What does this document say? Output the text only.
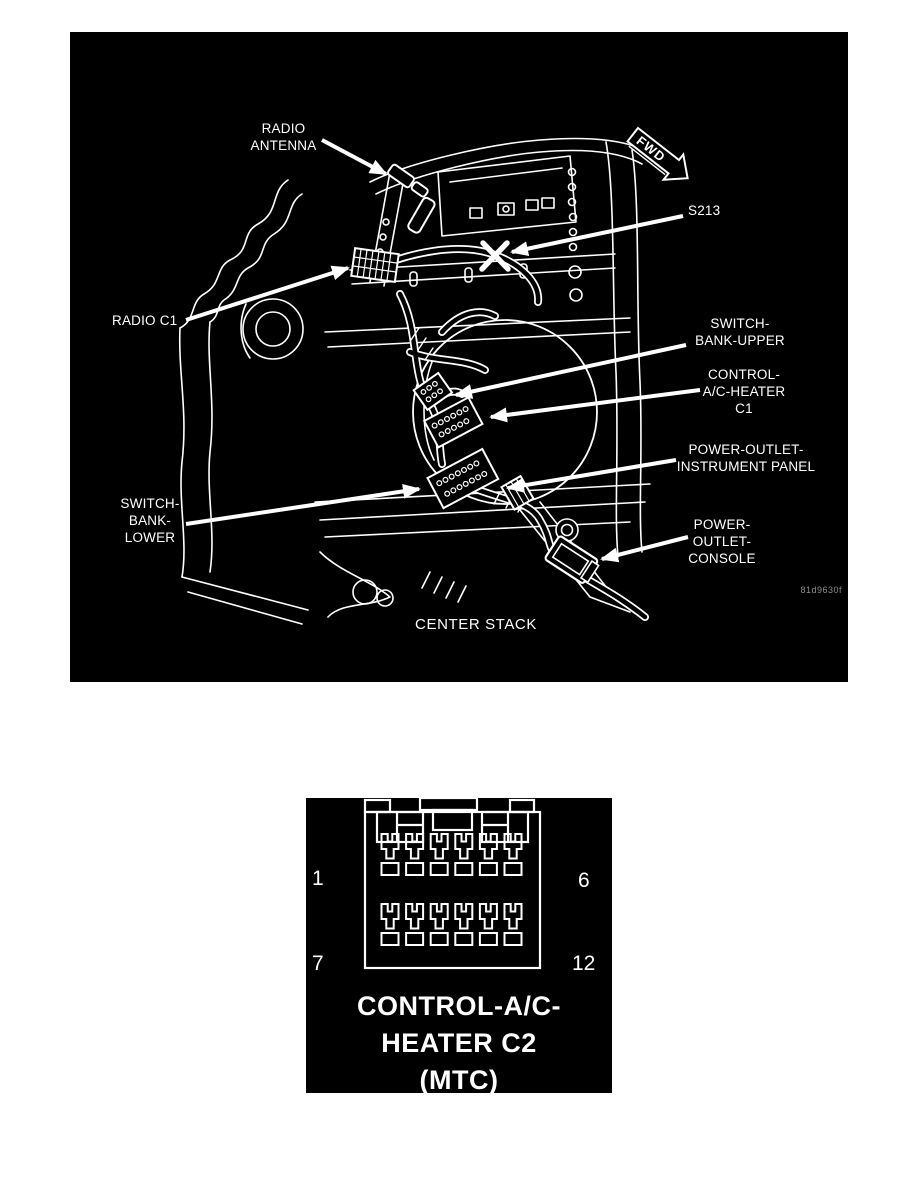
FWD
RADIO
ANTENNA
S213
RADIO C1	SWITCH-
BANK-UPPER
CONTROL-
A/C-HEATER
C1
POWER-OUTLET-
INSTRUMENT PANEL
SWITCH-
BANK-
LOWER
POWER-
OUTLET-
CONSOLE
CENTER STACK
81d9630f
1	6
7	12
CONTROL-A/C-
HEATER C2
(MTC)
